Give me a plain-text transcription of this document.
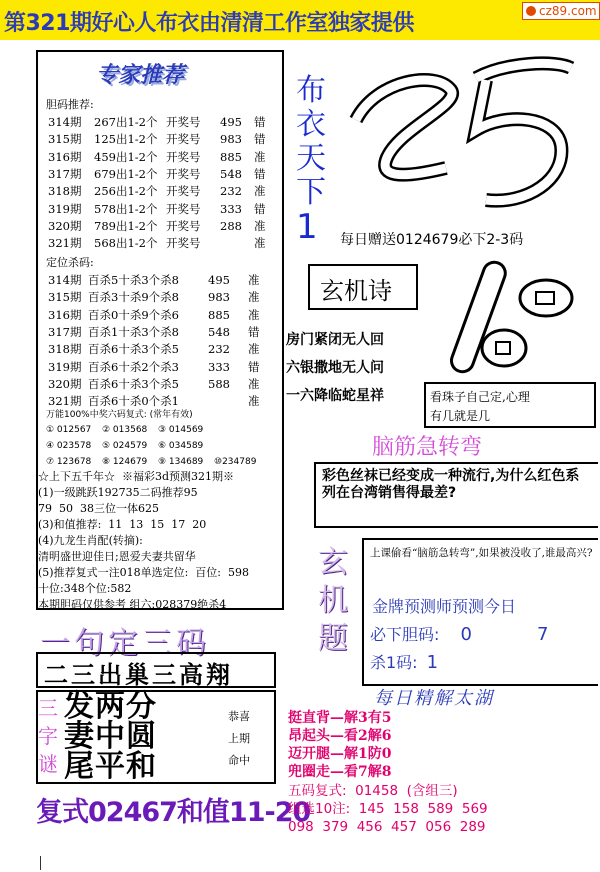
第321期好心人布衣由清清工作室独家提供	cz89.com
专家推荐
胆码推荐:
314期 267出1-2个 开奖号 495 错
315期 125出1-2个 开奖号 983 错
316期 459出1-2个 开奖号 885 准
317期 679出1-2个 开奖号 548 错
318期 256出1-2个 开奖号 232 准
319期 578出1-2个 开奖号 333 错
320期 789出1-2个 开奖号 288 准
321期 568出1-2个 开奖号	准
定位杀码:
314期 百杀5十杀3个杀8	495 准
315期 百杀3十杀9个杀8	983 准
316期 百杀0十杀9个杀6	885 准
317期 百杀1十杀3个杀8	548 错
318期 百杀6十杀3个杀5	232 准
319期 百杀6十杀2个杀3	333 错
320期 百杀6十杀3个杀5	588 准
321期 百杀6十杀0个杀1	准
万能100%中奖六码复式: (常年有效)
① 012567 ② 013568 ③ 014569
④ 023578 ⑤ 024579 ⑥ 034589
⑦ 123678 ⑧ 124679 ⑨ 134689 ⑩234789
☆上下五千年☆  ※福彩3d预测321期※
(1)一级跳跃192735二码推荐95
79  50  38三位一体625
(3)和值推荐:  11  13  15  17  20
(4)九龙生肖配(转摘):
清明盛世迎佳日;恩爱夫妻共留华
(5)推荐复式一注018单选定位:  百位:  598
十位:348个位:582
本期胆码仅供参考 组六:028379绝杀4
一句定三码
二三出巢三高翔
三字谜
发两分
妻中圆
尾平和
恭喜
上期
命中
复式02467和值11-20
布
衣
天
下
1	每日赠送0124679必下2-3码
玄机诗
房门紧闭无人回
六银撒地无人问
一六降临蛇星祥	看珠子自己定,心理
有几就是几
脑筋急转弯
彩色丝袜已经变成一种流行,为什么红色系列在台湾销售得最差?
玄机题
上课偷看“脑筋急转弯”,如果被没收了,谁最高兴?
金牌预测师预测今日
必下胆码: 0	7
杀1码: 1
每日精解太湖
挺直背—解3有5
昂起头—看2解6
迈开腿—解1防0
兜圈走—看7解8
五码复式:  01458  (含组三)
组选10注:  145  158  589  569
098  379  456  457  056  289
